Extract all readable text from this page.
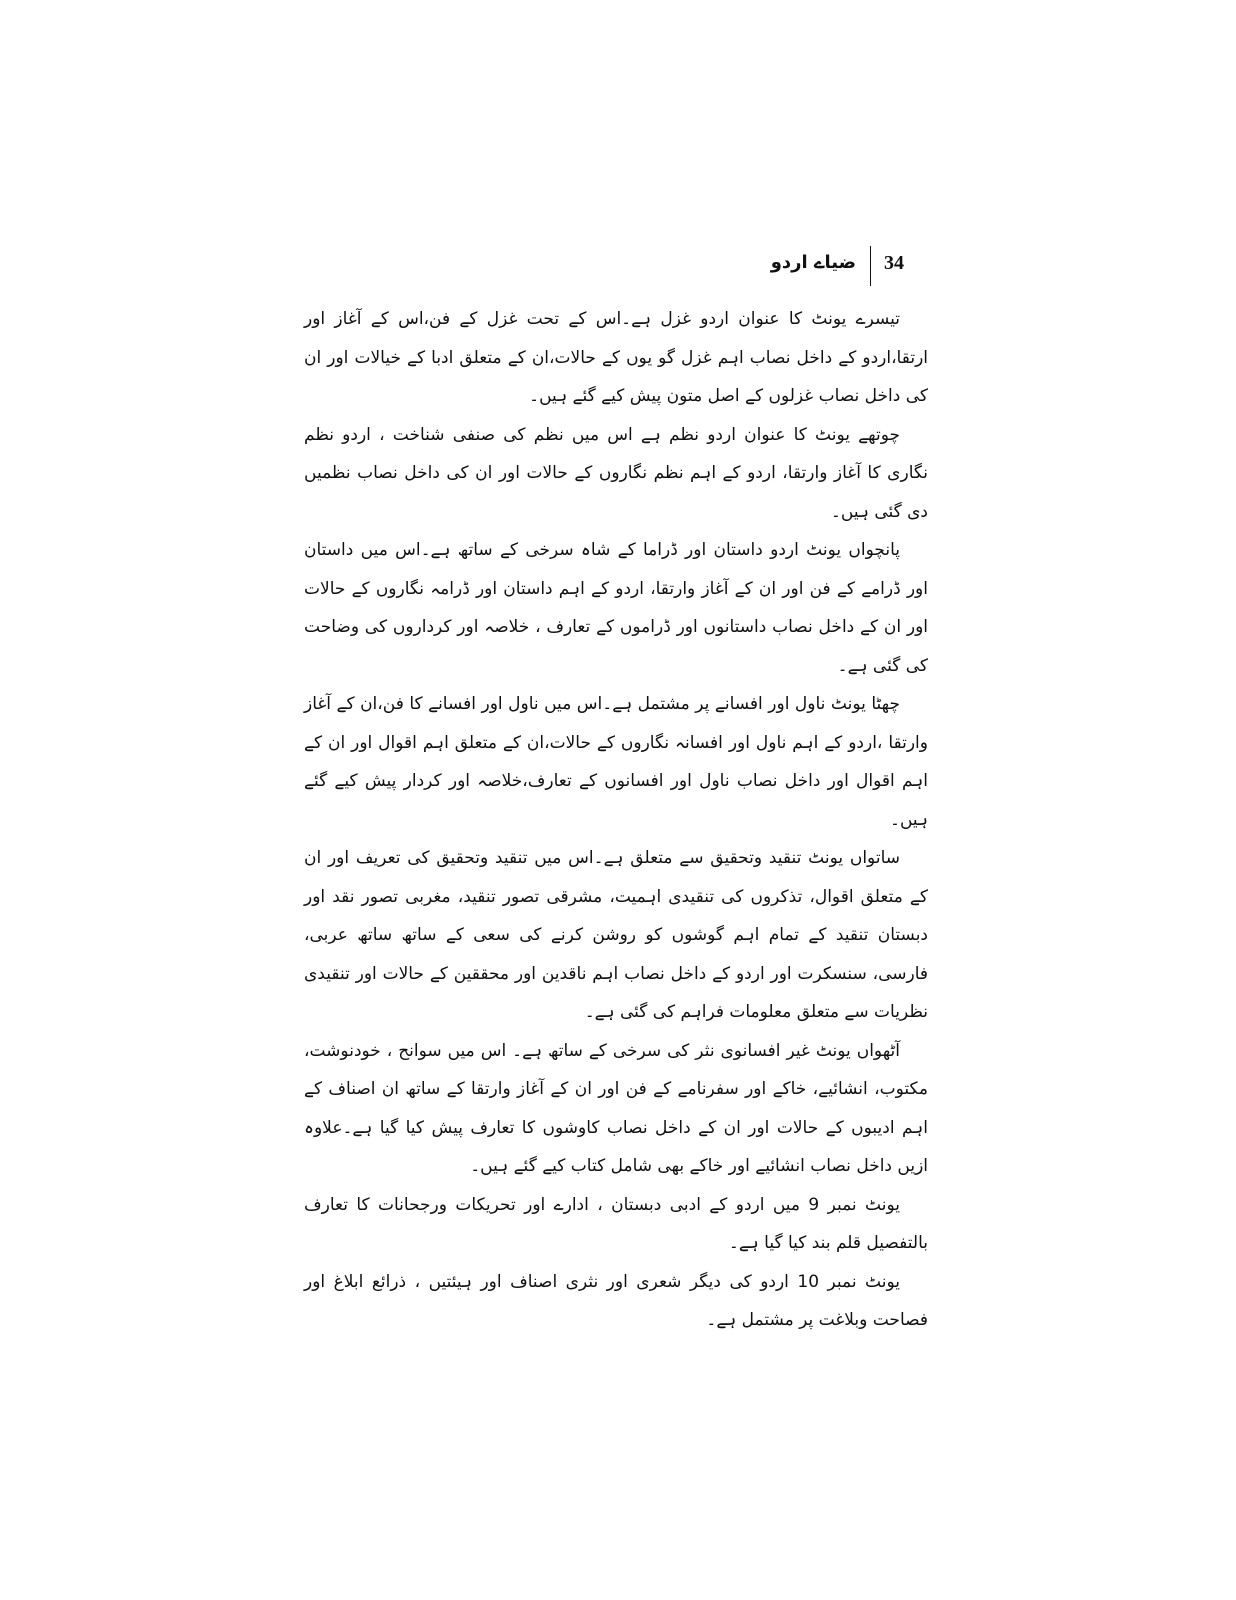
ضیاے اردو 34

تیسرے یونٹ کا عنوان اردو غزل ہے۔اس کے تحت غزل کے فن،اس کے آغاز اور ارتقا،اردو کے داخل نصاب اہم غزل گو یوں کے حالات،ان کے متعلق ادبا کے خیالات اور ان کی داخل نصاب غزلوں کے اصل متون پیش کیے گئے ہیں۔

چوتھے یونٹ کا عنوان اردو نظم ہے اس میں نظم کی صنفی شناخت ، اردو نظم نگاری کا آغاز وارتقا، اردو کے اہم نظم نگاروں کے حالات اور ان کی داخل نصاب نظمیں دی گئی ہیں۔

پانچواں یونٹ اردو داستان اور ڈراما کے شاہ سرخی کے ساتھ ہے۔اس میں داستان اور ڈرامے کے فن اور ان کے آغاز وارتقا، اردو کے اہم داستان اور ڈرامہ نگاروں کے حالات اور ان کے داخل نصاب داستانوں اور ڈراموں کے تعارف ، خلاصہ اور کرداروں کی وضاحت کی گئی ہے۔

چھٹا یونٹ ناول اور افسانے پر مشتمل ہے۔اس میں ناول اور افسانے کا فن،ان کے آغاز وارتقا ،اردو کے اہم ناول اور افسانہ نگاروں کے حالات،ان کے متعلق اہم اقوال اور ان کے اہم اقوال اور داخل نصاب ناول اور افسانوں کے تعارف،خلاصہ اور کردار پیش کیے گئے ہیں۔

ساتواں یونٹ تنقید وتحقیق سے متعلق ہے۔اس میں تنقید وتحقیق کی تعریف اور ان کے متعلق اقوال، تذکروں کی تنقیدی اہمیت، مشرقی تصور تنقید، مغربی تصور نقد اور دبستان تنقید کے تمام اہم گوشوں کو روشن کرنے کی سعی کے ساتھ ساتھ عربی، فارسی، سنسکرت اور اردو کے داخل نصاب اہم ناقدین اور محققین کے حالات اور تنقیدی نظریات سے متعلق معلومات فراہم کی گئی ہے۔

آٹھواں یونٹ غیر افسانوی نثر کی سرخی کے ساتھ ہے۔ اس میں سوانح ، خودنوشت، مکتوب، انشائیے، خاکے اور سفرنامے کے فن اور ان کے آغاز وارتقا کے ساتھ ان اصناف کے اہم ادیبوں کے حالات اور ان کے داخل نصاب کاوشوں کا تعارف پیش کیا گیا ہے۔علاوہ ازیں داخل نصاب انشائیے اور خاکے بھی شامل کتاب کیے گئے ہیں۔

یونٹ نمبر 9 میں اردو کے ادبی دبستان ، ادارے اور تحریکات ورجحانات کا تعارف بالتفصیل قلم بند کیا گیا ہے۔

یونٹ نمبر 10 اردو کی دیگر شعری اور نثری اصناف اور ہیئتیں ، ذرائع ابلاغ اور فصاحت وبلاغت پر مشتمل ہے۔
